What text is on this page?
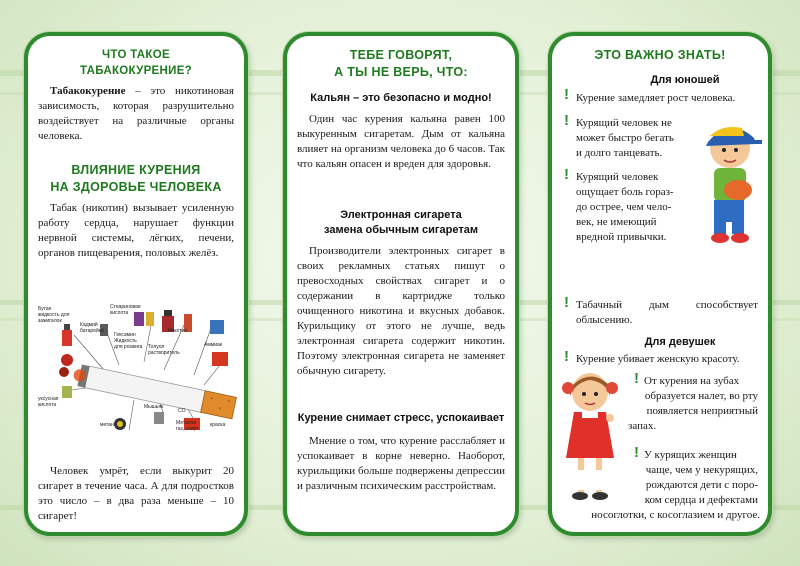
ЧТО ТАКОЕ
ТАБАКОКУРЕНИЕ?
Табакокурение – это никотиновая зависимость, которая разрушительно воздействует на различные органы человека.
ВЛИЯНИЕ КУРЕНИЯ
НА ЗДОРОВЬЕ ЧЕЛОВЕКА
Табак (никотин) вызывает усиленную работу сердца, нарушает функции нервной системы, лёгких, печени, органов пищеварения, половых желёз.
Бутан жидкость для зажигалок
Кадмий батарейки
Стеариновая кислота
Гексамин Жидкость для розжига
Никотин
Толуол растворитель
Аммиак
Мышьяк
Метанол газ, спирт
CO
краска
уксусная кислота
метан
Человек умрёт, если выкурит 20 сигарет в течение часа. А для подростков это число – в два раза меньше – 10 сигарет!
ТЕБЕ ГОВОРЯТ,
А ТЫ НЕ ВЕРЬ, ЧТО:
Кальян – это безопасно и модно!
Один час курения кальяна равен 100 выкуренным сигаретам. Дым от кальяна влияет на организм человека до 6 часов. Так что кальян опасен и вреден для здоровья.
Электронная сигарета
замена обычным сигаретам
Производители электронных сигарет в своих рекламных статьях пишут о превосходных свойствах сигарет и о содержании в картридже только очищенного никотина и вкусных добавок. Курильщику от этого не лучше, ведь электронная сигарета содержит никотин. Поэтому электронная сигарета не заменяет обычную сигарету.
Курение снимает стресс, успокаивает
Мнение о том, что курение расслабляет и успокаивает в корне неверно. Наоборот, курильщики больше подвержены депрессии и различным психическим расстройствам.
ЭТО ВАЖНО ЗНАТЬ!
Для юношей
! Курение замедляет рост человека.
! Курящий человек не
может быстро бегать
и долго танцевать.
! Курящий человек
ощущает боль гораз-
до острее, чем чело-
век, не имеющий
вредной привычки.
! Табачный дым способствует облысению.
Для девушек
! Курение убивает женскую красоту.
! От курения на зубах
образуется налет, во рту
появляется неприятный
запах.
! У курящих женщин
чаще, чем у некурящих,
рождаются дети с поро-
ком сердца и дефектами
носоглотки, с косоглазием и другое.
